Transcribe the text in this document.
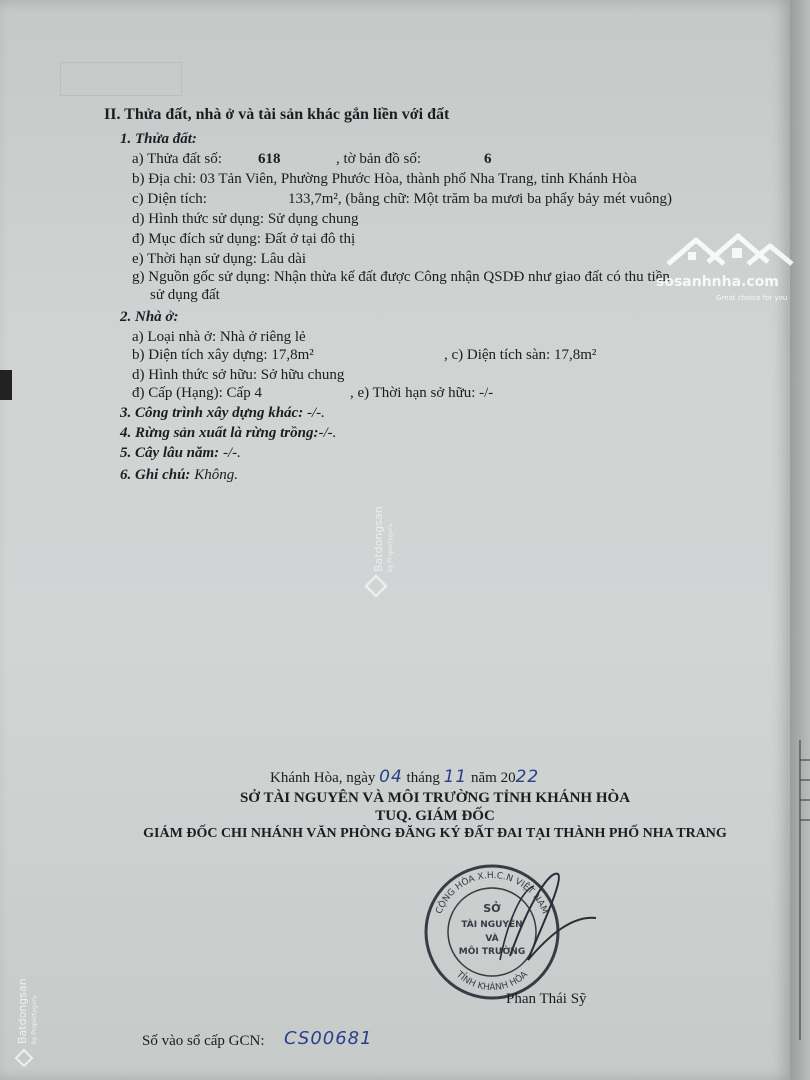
II. Thửa đất, nhà ở và tài sản khác gắn liền với đất
1. Thửa đất:
a) Thửa đất số: 618	, tờ bản đồ số:	6
b) Địa chỉ: 03 Tản Viên, Phường Phước Hòa, thành phố Nha Trang, tỉnh Khánh Hòa
c) Diện tích:	133,7m², (bằng chữ: Một trăm ba mươi ba phẩy bảy mét vuông)
d) Hình thức sử dụng: Sử dụng chung
đ) Mục đích sử dụng: Đất ở tại đô thị
e) Thời hạn sử dụng: Lâu dài
g) Nguồn gốc sử dụng: Nhận thừa kế đất được Công nhận QSDĐ như giao đất có thu tiền
sử dụng đất
2. Nhà ở:
a) Loại nhà ở: Nhà ở riêng lẻ
b) Diện tích xây dựng: 17,8m²	, c) Diện tích sàn: 17,8m²
d) Hình thức sở hữu: Sở hữu chung
đ) Cấp (Hạng): Cấp 4	, e) Thời hạn sở hữu: -/-
3. Công trình xây dựng khác: -/-.
4. Rừng sản xuất là rừng trồng:-/-.
5. Cây lâu năm: -/-.
6. Ghi chú: Không.
Khánh Hòa, ngày 04 tháng 11 năm 2022
SỞ TÀI NGUYÊN VÀ MÔI TRƯỜNG TỈNH KHÁNH HÒA
TUQ. GIÁM ĐỐC
GIÁM ĐỐC CHI NHÁNH VĂN PHÒNG ĐĂNG KÝ ĐẤT ĐAI TẠI THÀNH PHỐ NHA TRANG
CỘNG HÒA X.H.C.N VIỆT NAM
TỈNH KHÁNH HÒA
SỞ
TÀI NGUYÊN
VÀ
MÔI TRƯỜNG
Phan Thái Sỹ
Số vào sổ cấp GCN: CS00681
sosanhnha.com
Great choice for you
Batdongsan by Propertyguru
Batdongsan by Propertyguru
